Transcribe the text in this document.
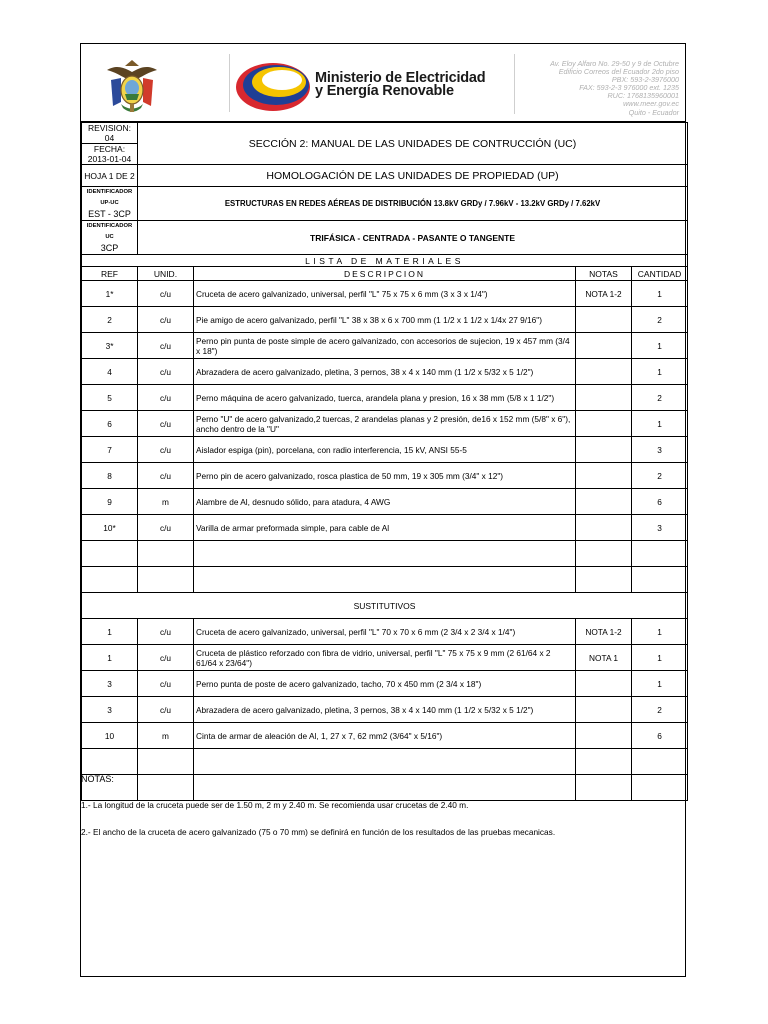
Ministerio de Electricidad
y Energía Renovable
Av. Eloy Alfaro No. 29-50 y 9 de Octubre
Edificio Correos del Ecuador 2do piso
PBX: 593-2-3976000
FAX: 593-2-3 976000 ext. 1235
RUC: 1768135960001
www.meer.gov.ec
Quito - Ecuador
REVISION: 04	SECCIÓN 2: MANUAL DE LAS UNIDADES DE CONTRUCCIÓN (UC)			
FECHA: 2013-01-04				
HOJA 1 DE 2	HOMOLOGACIÓN DE LAS UNIDADES DE PROPIEDAD (UP)			

IDENTIFICADOR UP-UC
EST - 3CP	ESTRUCTURAS EN REDES AÉREAS DE DISTRIBUCIÓN 13.8kV GRDy / 7.96kV - 13.2kV GRDy / 7.62kV			

IDENTIFICADOR UC
3CP	TRIFÁSICA - CENTRADA - PASANTE O TANGENTE			
LISTA DE MATERIALES				
REF	UNID.	DESCRIPCION	NOTAS	CANTIDAD
1*	c/u	Cruceta de acero galvanizado, universal, perfil "L" 75 x 75 x 6 mm (3 x 3 x 1/4")	NOTA 1-2	1
2	c/u	Pie amigo de acero galvanizado, perfil "L" 38 x 38 x 6 x 700 mm (1 1/2 x 1 1/2 x 1/4x 27 9/16")		2
3*	c/u	Perno pin punta de poste simple de acero galvanizado, con accesorios de sujecion, 19 x 457 mm (3/4 x 18")		1
4	c/u	Abrazadera de acero galvanizado, pletina, 3 pernos, 38 x 4 x 140 mm (1 1/2 x 5/32 x 5 1/2")		1
5	c/u	Perno máquina de acero galvanizado, tuerca, arandela plana y presion, 16 x 38 mm (5/8 x 1 1/2")		2
6	c/u	Perno "U" de acero galvanizado,2 tuercas, 2 arandelas planas y 2 presión, de16 x 152 mm (5/8" x 6"), ancho dentro de la "U"		1
7	c/u	Aislador espiga (pin), porcelana, con radio interferencia, 15 kV, ANSI 55-5		3
8	c/u	Perno pin de acero galvanizado, rosca plastica de 50 mm, 19 x 305 mm (3/4" x 12")		2
9	m	Alambre de Al, desnudo sólido, para atadura, 4 AWG		6
10*	c/u	Varilla de armar preformada simple, para cable de Al		3

SUSTITUTIVOS				
1	c/u	Cruceta de acero galvanizado, universal, perfil "L" 70 x 70 x 6 mm (2 3/4 x 2 3/4 x 1/4")	NOTA 1-2	1
1	c/u	Cruceta de plástico reforzado con fibra de vidrio, universal, perfil "L" 75 x 75 x 9 mm (2 61/64 x 2 61/64 x 23/64")	NOTA 1	1
3	c/u	Perno punta de poste de acero galvanizado, tacho, 70 x 450 mm (2 3/4 x 18")		1
3	c/u	Abrazadera de acero galvanizado, pletina, 3 pernos, 38 x 4 x 140 mm (1 1/2 x 5/32 x 5 1/2")		2
10	m	Cinta de armar de aleación de Al, 1, 27 x 7, 62 mm2 (3/64" x 5/16")		6

NOTAS:
1.- La longitud de la cruceta puede ser de 1.50 m, 2 m y 2.40 m. Se recomienda usar crucetas de 2.40 m.
2.- El ancho de la cruceta de acero galvanizado (75 o 70 mm) se definirá en función de los resultados de las pruebas mecanicas.
